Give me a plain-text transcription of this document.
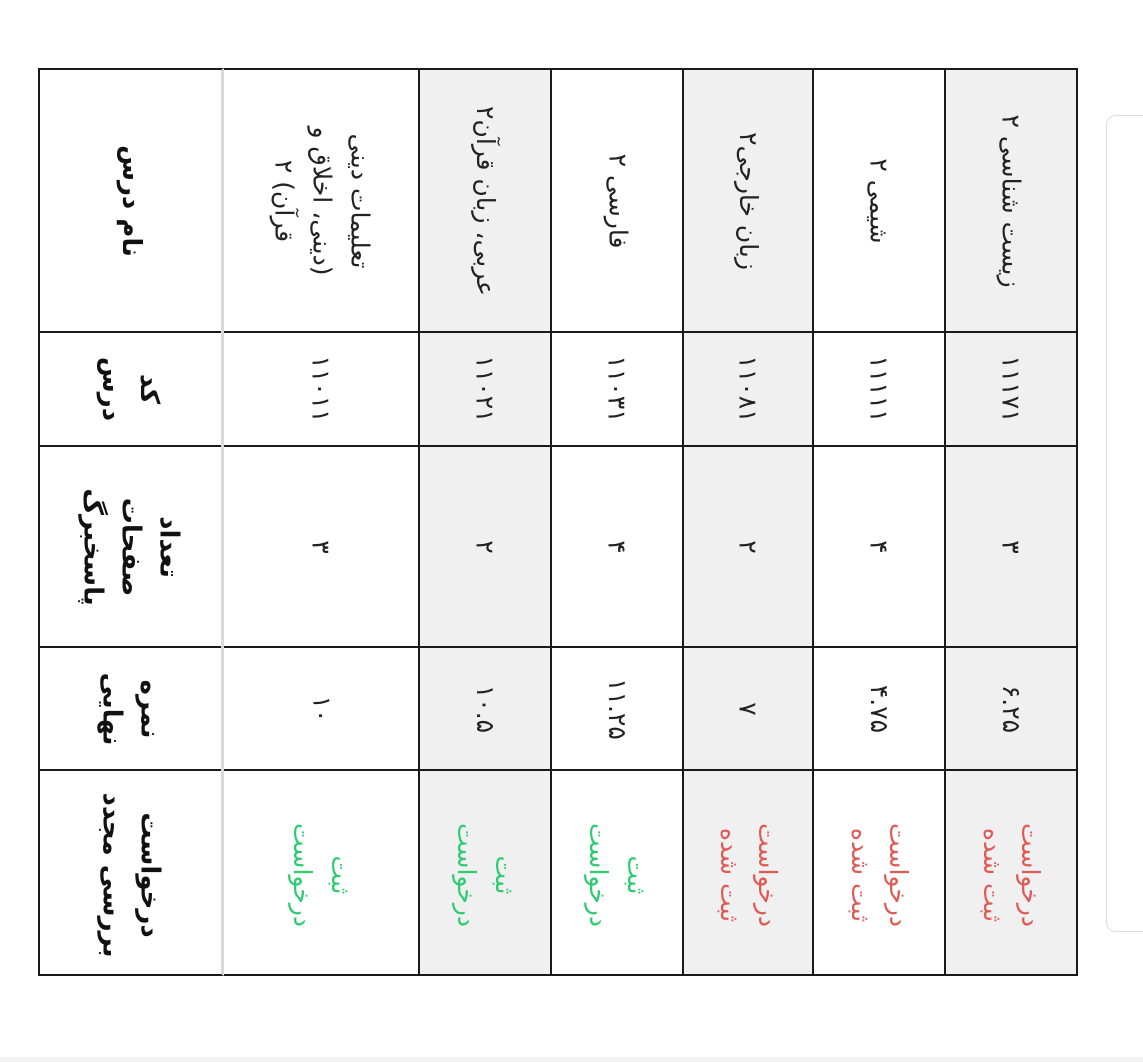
نام درس
کد
درس
تعداد
صفحات
پاسخبرگ
نمره
نهایی
درخواست
بررسی مجدد
تعلیمات دینی
(دینی، اخلاق و
قرآن) ۲
۱۱۰۱۱
۳
۱۰
ثبت
درخواست
عربی، زبان قرآن۲
۱۱۰۲۱
۲
۱۰.۵
ثبت
درخواست
فارسی ۲
۱۱۰۳۱
۴
۱۱.۲۵
ثبت
درخواست
زبان خارجی۲
۱۱۰۸۱
۲
۷
درخواست
ثبت شده
شیمی ۲
۱۱۱۱۱
۴
۴.۷۵
درخواست
ثبت شده
زیست شناسی ۲
۱۱۱۷۱
۳
۶.۲۵
درخواست
ثبت شده
